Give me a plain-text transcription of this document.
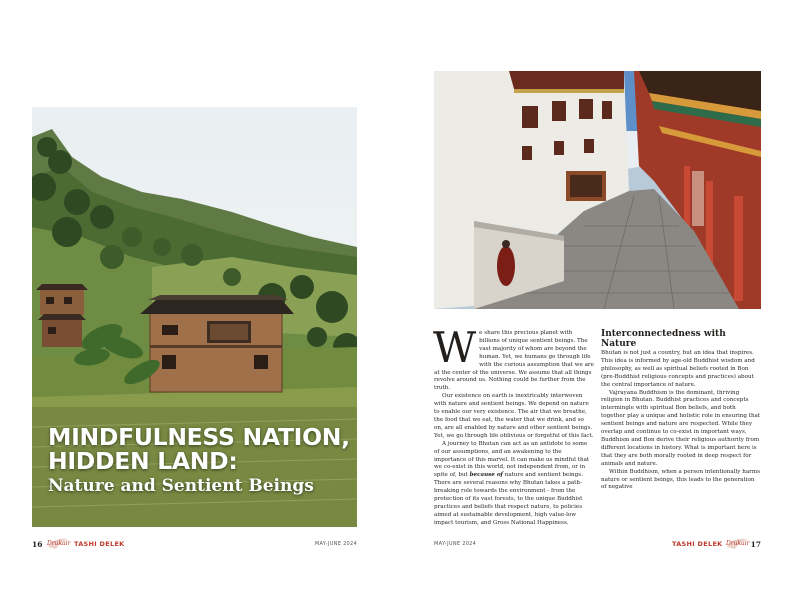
MINDFULNESS NATION,
HIDDEN LAND:

Nature and Sentient Beings

16 Drukair TASHI DELEK	MAY-JUNE 2024
W e share this precious planet with billions of unique sentient beings. The vast majority of whom are beyond the human. Yet, we humans go through life with the curious assumption that we are at the center of the universe. We assume that all things revolve around us. Nothing could be further from the truth.

Our existence on earth is inextricably interwoven with nature and sentient beings. We depend on nature to enable our very existence. The air that we breathe, the food that we eat, the water that we drink, and so on, are all enabled by nature and other sentient beings. Yet, we go through life oblivious or forgetful of this fact.

A journey to Bhutan can act as an antidote to some of our assumptions, and an awakening to the importance of this marvel. It can make us mindful that we co-exist in this world, not independent from, or in spite of, but because of nature and sentient beings. There are several reasons why Bhutan takes a path-breaking role towards the environment - from the protection of its vast forests, to the unique Buddhist practices and beliefs that respect nature, to policies aimed at sustainable development, high value-low impact tourism, and Gross National Happiness.

Interconnectedness with Nature

Bhutan is not just a country, but an idea that inspires. This idea is informed by age-old Buddhist wisdom and philosophy, as well as spiritual beliefs rooted in Bon (pre-Buddhist religious concepts and practices) about the central importance of nature.

Vajrayana Buddhism is the dominant, thriving religion in Bhutan. Buddhist practices and concepts intermingle with spiritual Bon beliefs, and both together play a unique and holistic role in ensuring that sentient beings and nature are respected. While they overlap and continue to co-exist in important ways, Buddhism and Bon derive their religious authority from different locations in history. What is important here is that they are both morally rooted in deep respect for animals and nature.

Within Buddhism, when a person intentionally harms nature or sentient beings, this leads to the generation of negative

MAY-JUNE 2024	TASHI DELEK Drukair 17
